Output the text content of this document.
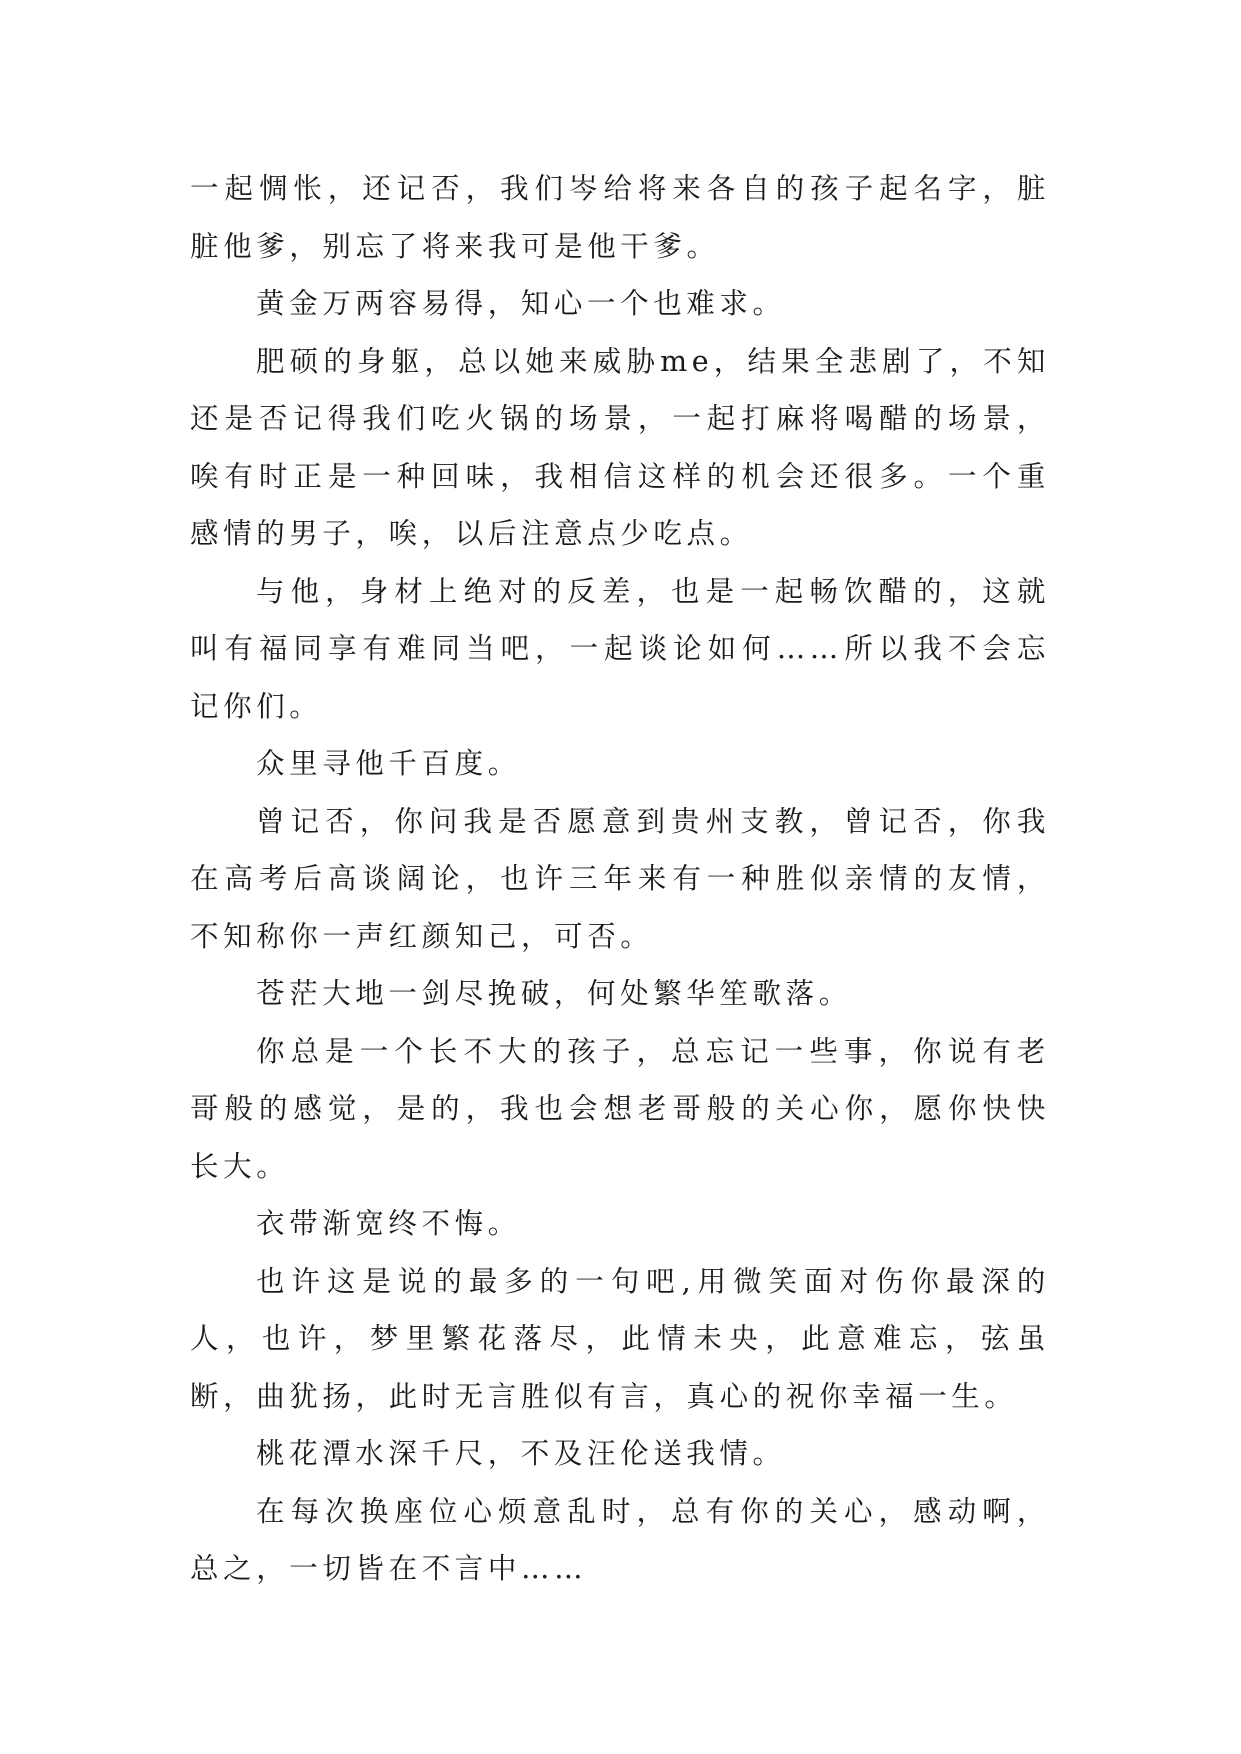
一起惆怅，还记否，我们岑给将来各自的孩子起名字，脏脏他爹，别忘了将来我可是他干爹。

黄金万两容易得，知心一个也难求。

肥硕的身躯，总以她来威胁me，结果全悲剧了，不知还是否记得我们吃火锅的场景，一起打麻将喝醋的场景，唉有时正是一种回味，我相信这样的机会还很多。一个重感情的男子，唉，以后注意点少吃点。

与他，身材上绝对的反差，也是一起畅饮醋的，这就叫有福同享有难同当吧，一起谈论如何……所以我不会忘记你们。

众里寻他千百度。

曾记否，你问我是否愿意到贵州支教，曾记否，你我在高考后高谈阔论，也许三年来有一种胜似亲情的友情，不知称你一声红颜知己，可否。

苍茫大地一剑尽挽破，何处繁华笙歌落。

你总是一个长不大的孩子，总忘记一些事，你说有老哥般的感觉，是的，我也会想老哥般的关心你，愿你快快长大。

衣带渐宽终不悔。

也许这是说的最多的一句吧,用微笑面对伤你最深的人，也许，梦里繁花落尽，此情未央，此意难忘，弦虽断，曲犹扬，此时无言胜似有言，真心的祝你幸福一生。

桃花潭水深千尺，不及汪伦送我情。

在每次换座位心烦意乱时，总有你的关心，感动啊，总之，一切皆在不言中……
